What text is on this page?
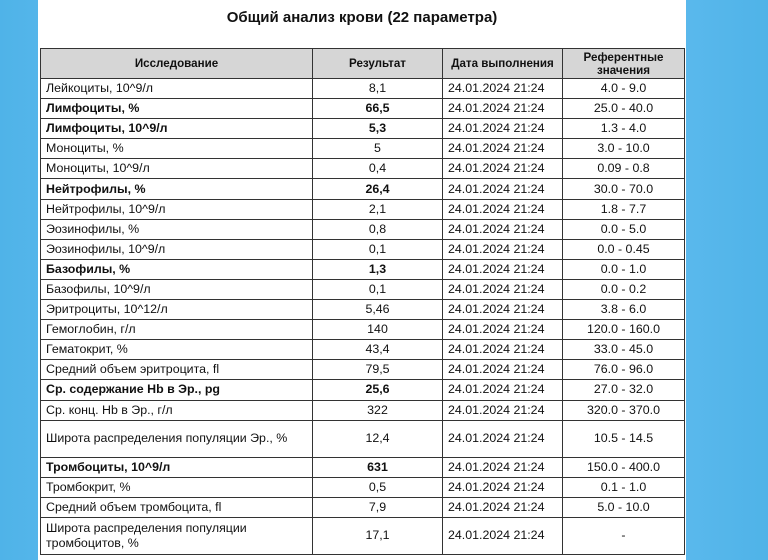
Общий анализ крови (22 параметра)
Исследование	Результат	Дата выполнения	Референтные значения
Лейкоциты, 10^9/л	8,1	24.01.2024 21:24	4.0 - 9.0
Лимфоциты, %	66,5	24.01.2024 21:24	25.0 - 40.0
Лимфоциты, 10^9/л	5,3	24.01.2024 21:24	1.3 - 4.0
Моноциты, %	5	24.01.2024 21:24	3.0 - 10.0
Моноциты, 10^9/л	0,4	24.01.2024 21:24	0.09 - 0.8
Нейтрофилы, %	26,4	24.01.2024 21:24	30.0 - 70.0
Нейтрофилы, 10^9/л	2,1	24.01.2024 21:24	1.8 - 7.7
Эозинофилы, %	0,8	24.01.2024 21:24	0.0 - 5.0
Эозинофилы, 10^9/л	0,1	24.01.2024 21:24	0.0 - 0.45
Базофилы, %	1,3	24.01.2024 21:24	0.0 - 1.0
Базофилы, 10^9/л	0,1	24.01.2024 21:24	0.0 - 0.2
Эритроциты, 10^12/л	5,46	24.01.2024 21:24	3.8 - 6.0
Гемоглобин, г/л	140	24.01.2024 21:24	120.0 - 160.0
Гематокрит, %	43,4	24.01.2024 21:24	33.0 - 45.0
Средний объем эритроцита, fl	79,5	24.01.2024 21:24	76.0 - 96.0
Ср. содержание Hb в Эр., pg	25,6	24.01.2024 21:24	27.0 - 32.0
Ср. конц. Hb в Эр., г/л	322	24.01.2024 21:24	320.0 - 370.0
Широта распределения популяции Эр., %	12,4	24.01.2024 21:24	10.5 - 14.5
Тромбоциты, 10^9/л	631	24.01.2024 21:24	150.0 - 400.0
Тромбокрит, %	0,5	24.01.2024 21:24	0.1 - 1.0
Средний объем тромбоцита, fl	7,9	24.01.2024 21:24	5.0 - 10.0
Широта распределения популяции тромбоцитов, %	17,1	24.01.2024 21:24	-
